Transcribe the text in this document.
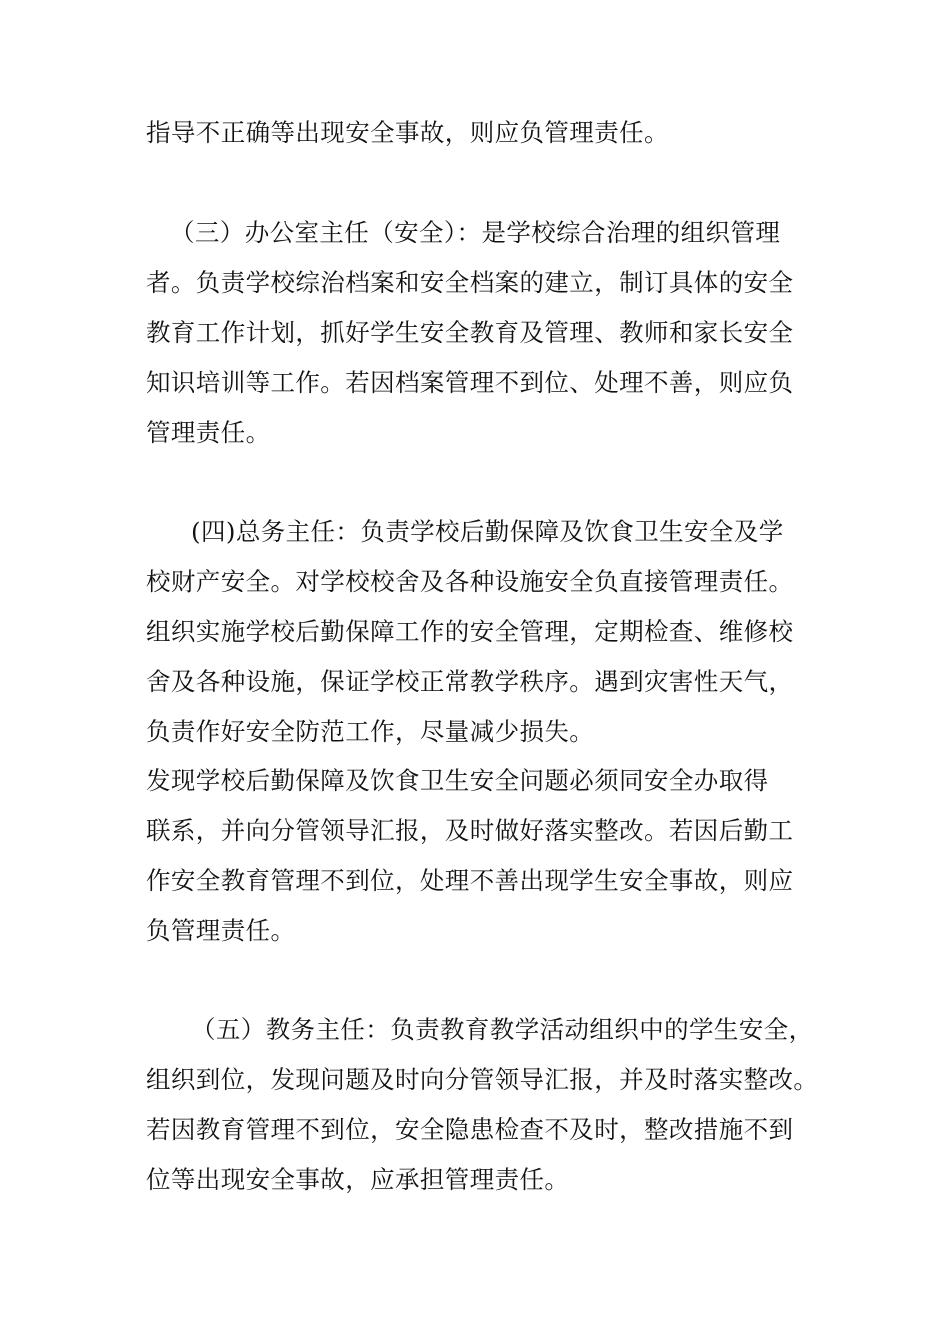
指导不正确等出现安全事故，则应负管理责任。
（三）办公室主任（安全）：是学校综合治理的组织管理
者。负责学校综治档案和安全档案的建立，制订具体的安全
教育工作计划，抓好学生安全教育及管理、教师和家长安全
知识培训等工作。若因档案管理不到位、处理不善，则应负
管理责任。
(四)总务主任：负责学校后勤保障及饮食卫生安全及学
校财产安全。对学校校舍及各种设施安全负直接管理责任。
组织实施学校后勤保障工作的安全管理，定期检查、维修校
舍及各种设施，保证学校正常教学秩序。遇到灾害性天气，
负责作好安全防范工作，尽量减少损失。
发现学校后勤保障及饮食卫生安全问题必须同安全办取得
联系，并向分管领导汇报，及时做好落实整改。若因后勤工
作安全教育管理不到位，处理不善出现学生安全事故，则应
负管理责任。
（五）教务主任：负责教育教学活动组织中的学生安全，
组织到位，发现问题及时向分管领导汇报，并及时落实整改。
若因教育管理不到位，安全隐患检查不及时，整改措施不到
位等出现安全事故，应承担管理责任。
